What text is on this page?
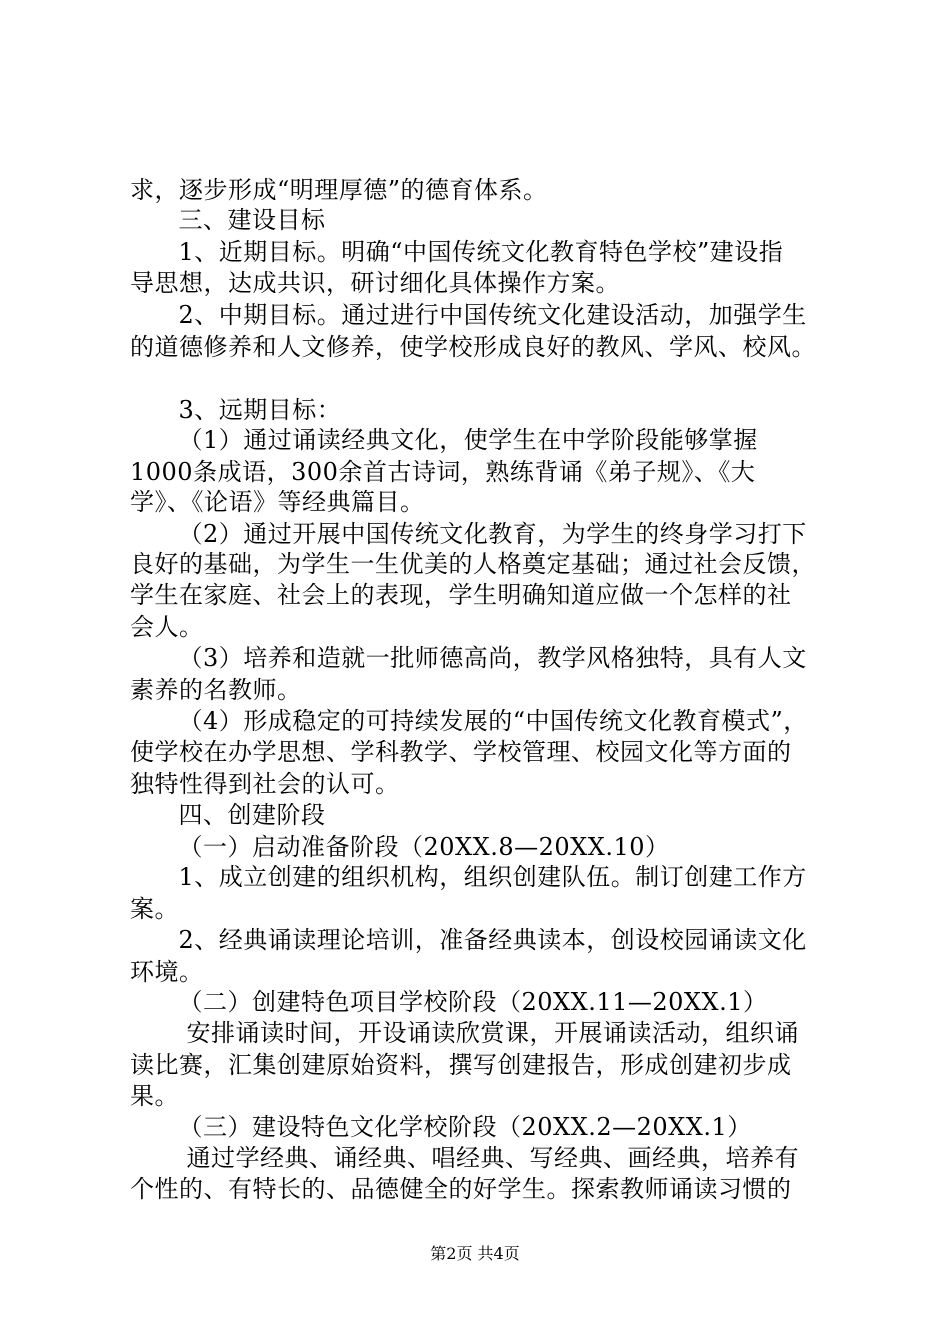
求，逐步形成“明理厚德”的德育体系。
　三、建设目标
　1、近期目标。明确“中国传统文化教育特色学校”建设指
导思想，达成共识，研讨细化具体操作方案。
　2、中期目标。通过进行中国传统文化建设活动，加强学生
的道德修养和人文修养，使学校形成良好的教风、学风、校风。
　3、远期目标：
　（1）通过诵读经典文化，使学生在中学阶段能够掌握
1000条成语，300余首古诗词，熟练背诵《弟子规》、《大
学》、《论语》等经典篇目。
　（2）通过开展中国传统文化教育，为学生的终身学习打下
良好的基础，为学生一生优美的人格奠定基础；通过社会反馈，
学生在家庭、社会上的表现，学生明确知道应做一个怎样的社
会人。
　（3）培养和造就一批师德高尚，教学风格独特，具有人文
素养的名教师。
　（4）形成稳定的可持续发展的“中国传统文化教育模式”，
使学校在办学思想、学科教学、学校管理、校园文化等方面的
独特性得到社会的认可。
　四、创建阶段
　（一）启动准备阶段（20XX.8—20XX.10）
　1、成立创建的组织机构，组织创建队伍。制订创建工作方
案。
　2、经典诵读理论培训，准备经典读本，创设校园诵读文化
环境。
　（二）创建特色项目学校阶段（20XX.11—20XX.1）
　安排诵读时间，开设诵读欣赏课，开展诵读活动，组织诵
读比赛，汇集创建原始资料，撰写创建报告，形成创建初步成
果。
　（三）建设特色文化学校阶段（20XX.2—20XX.1）
　通过学经典、诵经典、唱经典、写经典、画经典，培养有
个性的、有特长的、品德健全的好学生。探索教师诵读习惯的
第2页 共4页
